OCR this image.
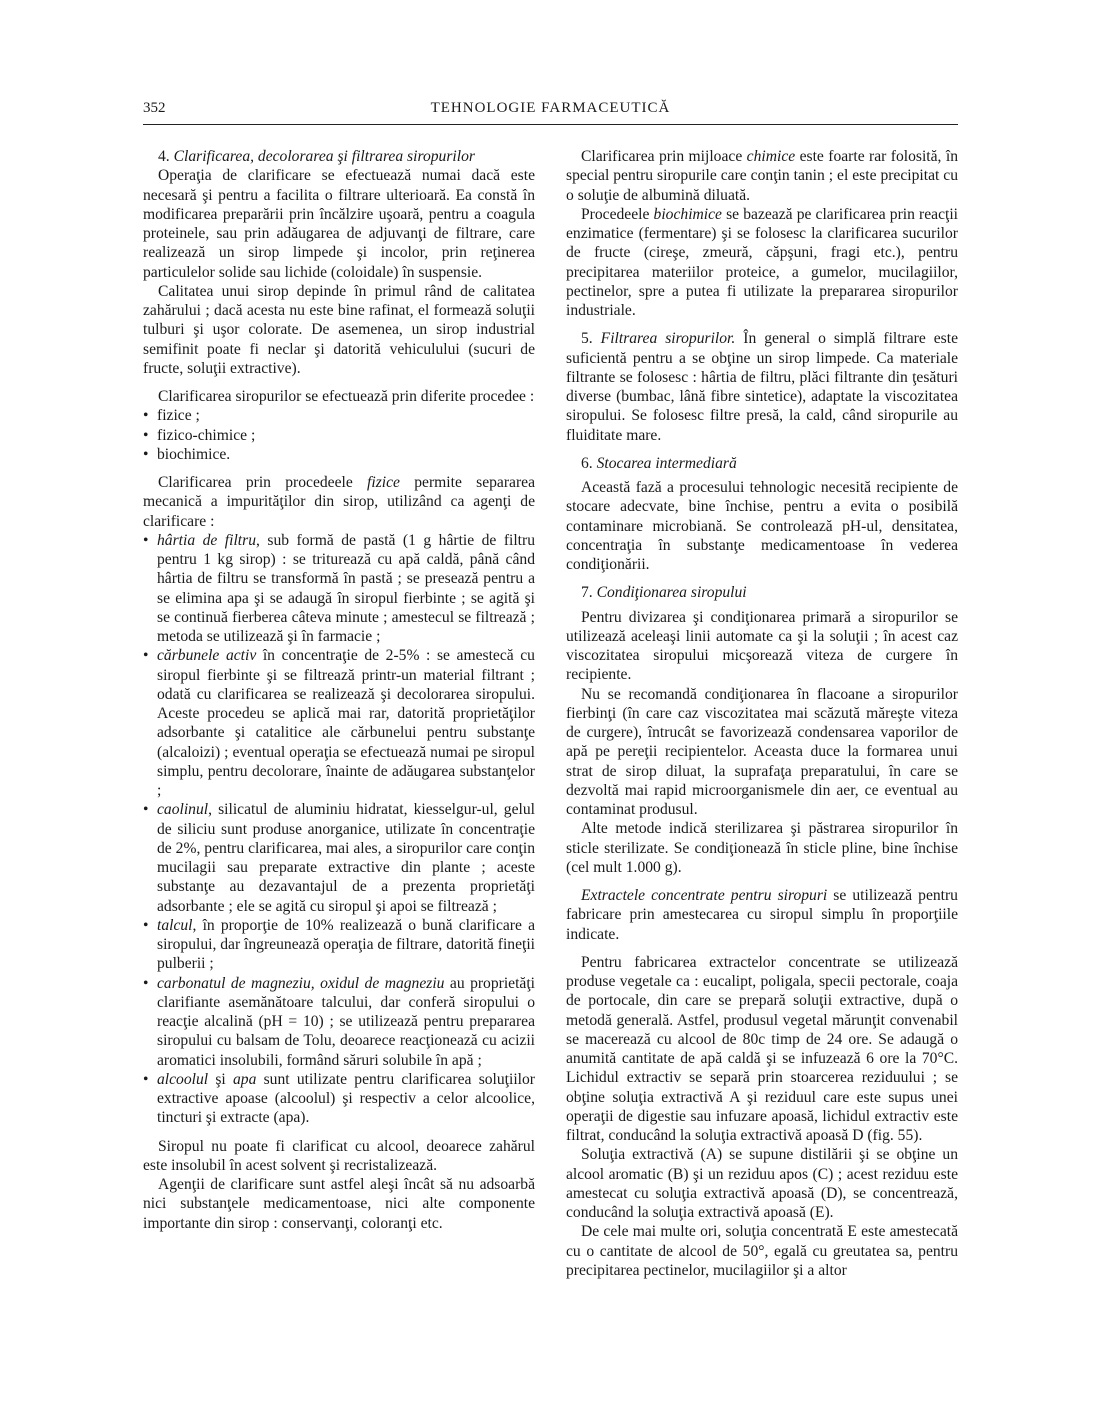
352	TEHNOLOGIE FARMACEUTICĂ
4. Clarificarea, decolorarea şi filtrarea siropurilor

Operaţia de clarificare se efectuează numai dacă este necesară şi pentru a facilita o filtrare ulterioară. Ea constă în modificarea preparării prin încălzire uşoară, pentru a coagula proteinele, sau prin adăugarea de adjuvanţi de filtrare, care realizează un sirop limpede şi incolor, prin reţinerea particulelor solide sau lichide (coloidale) în suspensie.

Calitatea unui sirop depinde în primul rând de calitatea zahărului ; dacă acesta nu este bine rafinat, el formează soluţii tulburi şi uşor colorate. De asemenea, un sirop industrial semifinit poate fi neclar şi datorită vehiculului (sucuri de fructe, soluţii extractive).

Clarificarea siropurilor se efectuează prin diferite procedee :

• fizice ;
• fizico-chimice ;
• biochimice.

Clarificarea prin procedeele fizice permite separarea mecanică a impurităţilor din sirop, utilizând ca agenţi de clarificare :

• hârtia de filtru, sub formă de pastă (1 g hârtie de filtru pentru 1 kg sirop) : se triturează cu apă caldă, până când hârtia de filtru se transformă în pastă ; se presează pentru a se elimina apa şi se adaugă în siropul fierbinte ; se agită şi se continuă fierberea câteva minute ; amestecul se filtrează ; metoda se utilizează şi în farmacie ;
• cărbunele activ în concentraţie de 2-5% : se amestecă cu siropul fierbinte şi se filtrează printr-un material filtrant ; odată cu clarificarea se realizează şi decolorarea siropului. Aceste procedeu se aplică mai rar, datorită proprietăţilor adsorbante şi catalitice ale cărbunelui pentru substanţe (alcaloizi) ; eventual operaţia se efectuează numai pe siropul simplu, pentru decolorare, înainte de adăugarea substanţelor ;
• caolinul, silicatul de aluminiu hidratat, kiesselgur-ul, gelul de siliciu sunt produse anorganice, utilizate în concentraţie de 2%, pentru clarificarea, mai ales, a siropurilor care conţin mucilagii sau preparate extractive din plante ; aceste substanţe au dezavantajul de a prezenta proprietăţi adsorbante ; ele se agită cu siropul şi apoi se filtrează ;
• talcul, în proporţie de 10% realizează o bună clarificare a siropului, dar îngreunează operaţia de filtrare, datorită fineţii pulberii ;
• carbonatul de magneziu, oxidul de magneziu au proprietăţi clarifiante asemănătoare talcului, dar conferă siropului o reacţie alcalină (pH = 10) ; se utilizează pentru prepararea siropului cu balsam de Tolu, deoarece reacţionează cu acizii aromatici insolubili, formând săruri solubile în apă ;
• alcoolul şi apa sunt utilizate pentru clarificarea soluţiilor extractive apoase (alcoolul) şi respectiv a celor alcoolice, tincturi şi extracte (apa).

Siropul nu poate fi clarificat cu alcool, deoarece zahărul este insolubil în acest solvent şi recristalizează.

Agenţii de clarificare sunt astfel aleşi încât să nu adsoarbă nici substanţele medicamentoase, nici alte componente importante din sirop : conservanţi, coloranţi etc.

Clarificarea prin mijloace chimice este foarte rar folosită, în special pentru siropurile care conţin tanin ; el este precipitat cu o soluţie de albumină diluată.

Procedeele biochimice se bazează pe clarificarea prin reacţii enzimatice (fermentare) şi se folosesc la clarificarea sucurilor de fructe (cireşe, zmeură, căpşuni, fragi etc.), pentru precipitarea materiilor proteice, a gumelor, mucilagiilor, pectinelor, spre a putea fi utilizate la prepararea siropurilor industriale.

5. Filtrarea siropurilor. În general o simplă filtrare este suficientă pentru a se obţine un sirop limpede. Ca materiale filtrante se folosesc : hârtia de filtru, plăci filtrante din ţesături diverse (bumbac, lână fibre sintetice), adaptate la viscozitatea siropului. Se folosesc filtre presă, la cald, când siropurile au fluiditate mare.

6. Stocarea intermediară

Această fază a procesului tehnologic necesită recipiente de stocare adecvate, bine închise, pentru a evita o posibilă contaminare microbiană. Se controlează pH-ul, densitatea, concentraţia în substanţe medicamentoase în vederea condiţionării.

7. Condiţionarea siropului

Pentru divizarea şi condiţionarea primară a siropurilor se utilizează aceleaşi linii automate ca şi la soluţii ; în acest caz viscozitatea siropului micşorează viteza de curgere în recipiente.

Nu se recomandă condiţionarea în flacoane a siropurilor fierbinţi (în care caz viscozitatea mai scăzută măreşte viteza de curgere), întrucât se favorizează condensarea vaporilor de apă pe pereţii recipientelor. Aceasta duce la formarea unui strat de sirop diluat, la suprafaţa preparatului, în care se dezvoltă mai rapid microorganismele din aer, ce eventual au contaminat produsul.

Alte metode indică sterilizarea şi păstrarea siropurilor în sticle sterilizate. Se condiţionează în sticle pline, bine închise (cel mult 1.000 g).

Extractele concentrate pentru siropuri se utilizează pentru fabricare prin amestecarea cu siropul simplu în proporţiile indicate.

Pentru fabricarea extractelor concentrate se utilizează produse vegetale ca : eucalipt, poligala, specii pectorale, coaja de portocale, din care se prepară soluţii extractive, după o metodă generală. Astfel, produsul vegetal mărunţit convenabil se macerează cu alcool de 80c timp de 24 ore. Se adaugă o anumită cantitate de apă caldă şi se infuzează 6 ore la 70°C. Lichidul extractiv se separă prin stoarcerea reziduului ; se obţine soluţia extractivă A şi reziduul care este supus unei operaţii de digestie sau infuzare apoasă, lichidul extractiv este filtrat, conducând la soluţia extractivă apoasă D (fig. 55).

Soluţia extractivă (A) se supune distilării şi se obţine un alcool aromatic (B) şi un reziduu apos (C) ; acest reziduu este amestecat cu soluţia extractivă apoasă (D), se concentrează, conducând la soluţia extractivă apoasă (E).

De cele mai multe ori, soluţia concentrată E este amestecată cu o cantitate de alcool de 50°, egală cu greutatea sa, pentru precipitarea pectinelor, mucilagiilor şi a altor
